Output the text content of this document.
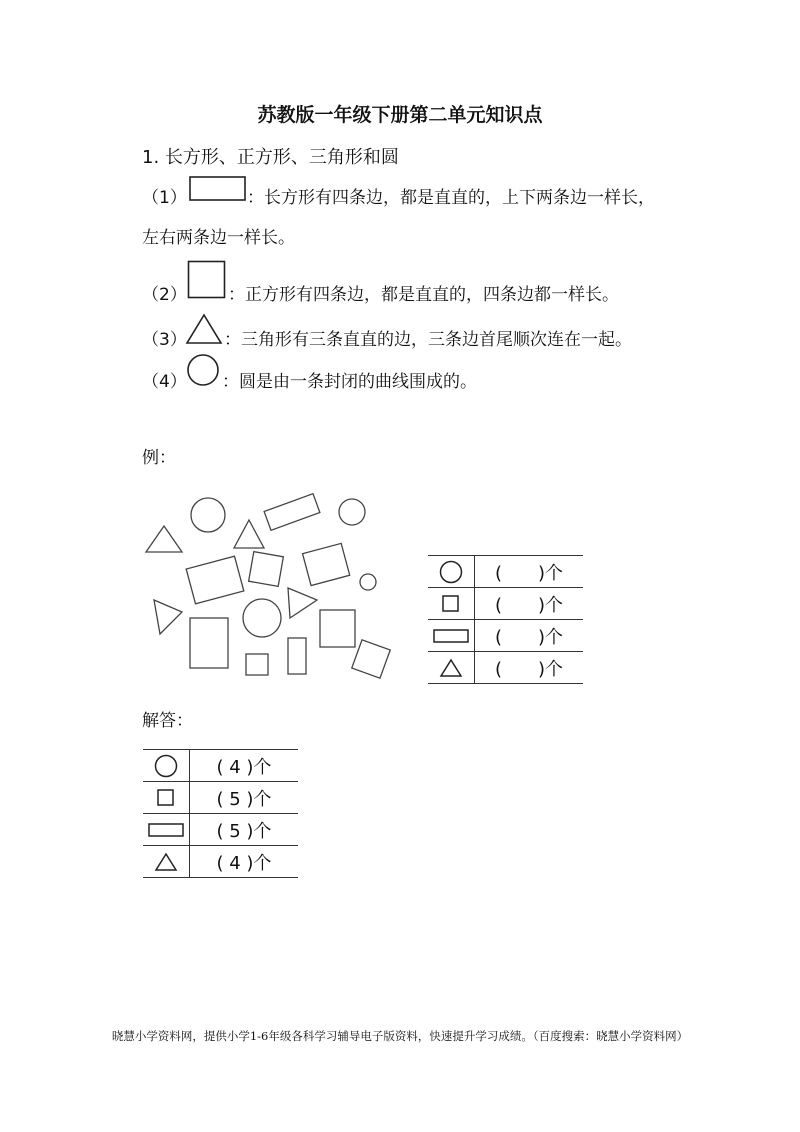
苏教版一年级下册第二单元知识点
1. 长方形、正方形、三角形和圆
（1）	：长方形有四条边，都是直直的，上下两条边一样长，
左右两条边一样长。
（2） ：正方形有四条边，都是直直的，四条边都一样长。
（3） ：三角形有三条直直的边，三条边首尾顺次连在一起。
（4） ：圆是由一条封闭的曲线围成的。
例：
	(　　)个

	(　　)个

	(　　)个

	(　　)个
解答：
	( 4 )个

	( 5 )个

	( 5 )个

	( 4 )个
晓慧小学资料网，提供小学1-6年级各科学习辅导电子版资料，快速提升学习成绩。（百度搜索：晓慧小学资料网）
